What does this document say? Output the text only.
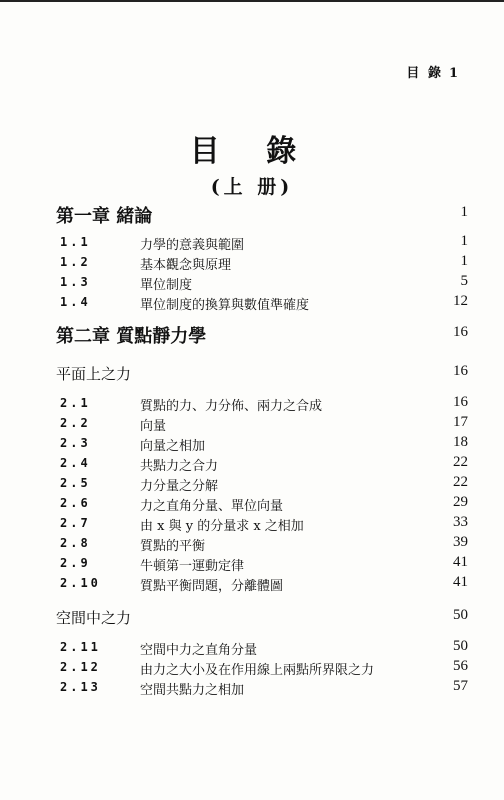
目 錄 1
目 錄
(上 册)
第一章 緒論	1
1.1	力學的意義與範圍	1
1.2	基本觀念與原理	1
1.3	單位制度	5
1.4	單位制度的換算與數值準確度	12
第二章 質點靜力學	16
平面上之力	16
2.1	質點的力、力分佈、兩力之合成	16
2.2	向量	17
2.3	向量之相加	18
2.4	共點力之合力	22
2.5	力分量之分解	22
2.6	力之直角分量、單位向量	29
2.7	由 x 與 y 的分量求 x 之相加	33
2.8	質點的平衡	39
2.9	牛頓第一運動定律	41
2.10	質點平衡問題，分離體圖	41
空間中之力	50
2.11	空間中力之直角分量	50
2.12	由力之大小及在作用線上兩點所界限之力	56
2.13	空間共點力之相加	57
